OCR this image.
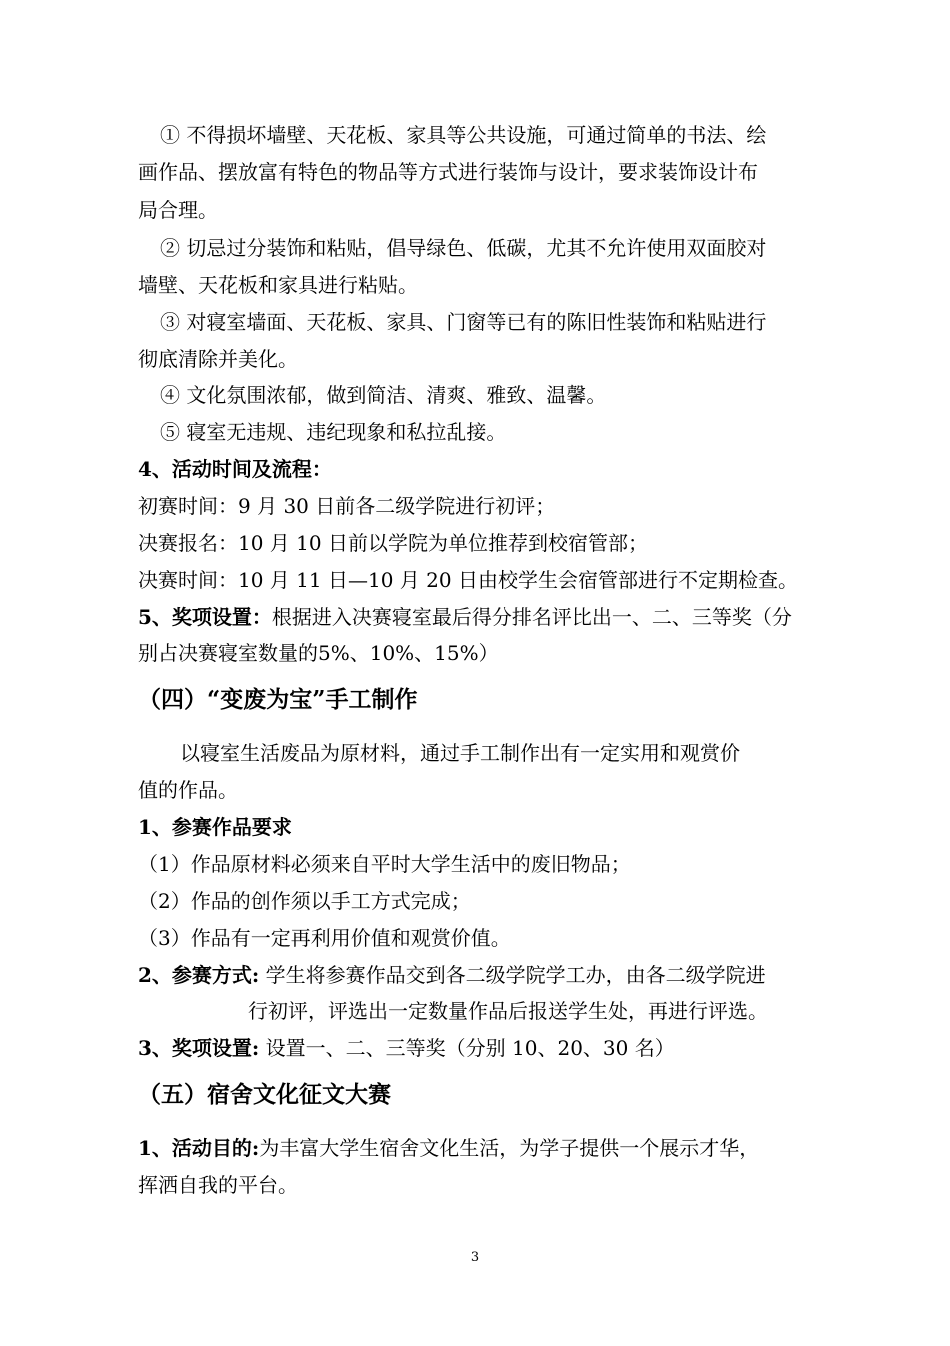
① 不得损坏墙壁、天花板、家具等公共设施，可通过简单的书法、绘
画作品、摆放富有特色的物品等方式进行装饰与设计，要求装饰设计布
局合理。
② 切忌过分装饰和粘贴，倡导绿色、低碳，尤其不允许使用双面胶对
墙壁、天花板和家具进行粘贴。
③ 对寝室墙面、天花板、家具、门窗等已有的陈旧性装饰和粘贴进行
彻底清除并美化。
④ 文化氛围浓郁，做到简洁、清爽、雅致、温馨。
⑤ 寝室无违规、违纪现象和私拉乱接。
4、活动时间及流程：
初赛时间：9 月 30 日前各二级学院进行初评；
决赛报名：10 月 10 日前以学院为单位推荐到校宿管部；
决赛时间：10 月 11 日—10 月 20 日由校学生会宿管部进行不定期检查。
5、奖项设置：根据进入决赛寝室最后得分排名评比出一、二、三等奖（分
别占决赛寝室数量的5%、10%、15%）
（四）“变废为宝”手工制作
以寝室生活废品为原材料，通过手工制作出有一定实用和观赏价
值的作品。
1、参赛作品要求
（1）作品原材料必须来自平时大学生活中的废旧物品；
（2）作品的创作须以手工方式完成；
（3）作品有一定再利用价值和观赏价值。
2、参赛方式: 学生将参赛作品交到各二级学院学工办，由各二级学院进
行初评，评选出一定数量作品后报送学生处，再进行评选。
3、奖项设置: 设置一、二、三等奖（分别 10、20、30 名）
（五）宿舍文化征文大赛
1、活动目的:为丰富大学生宿舍文化生活，为学子提供一个展示才华，
挥洒自我的平台。
3
